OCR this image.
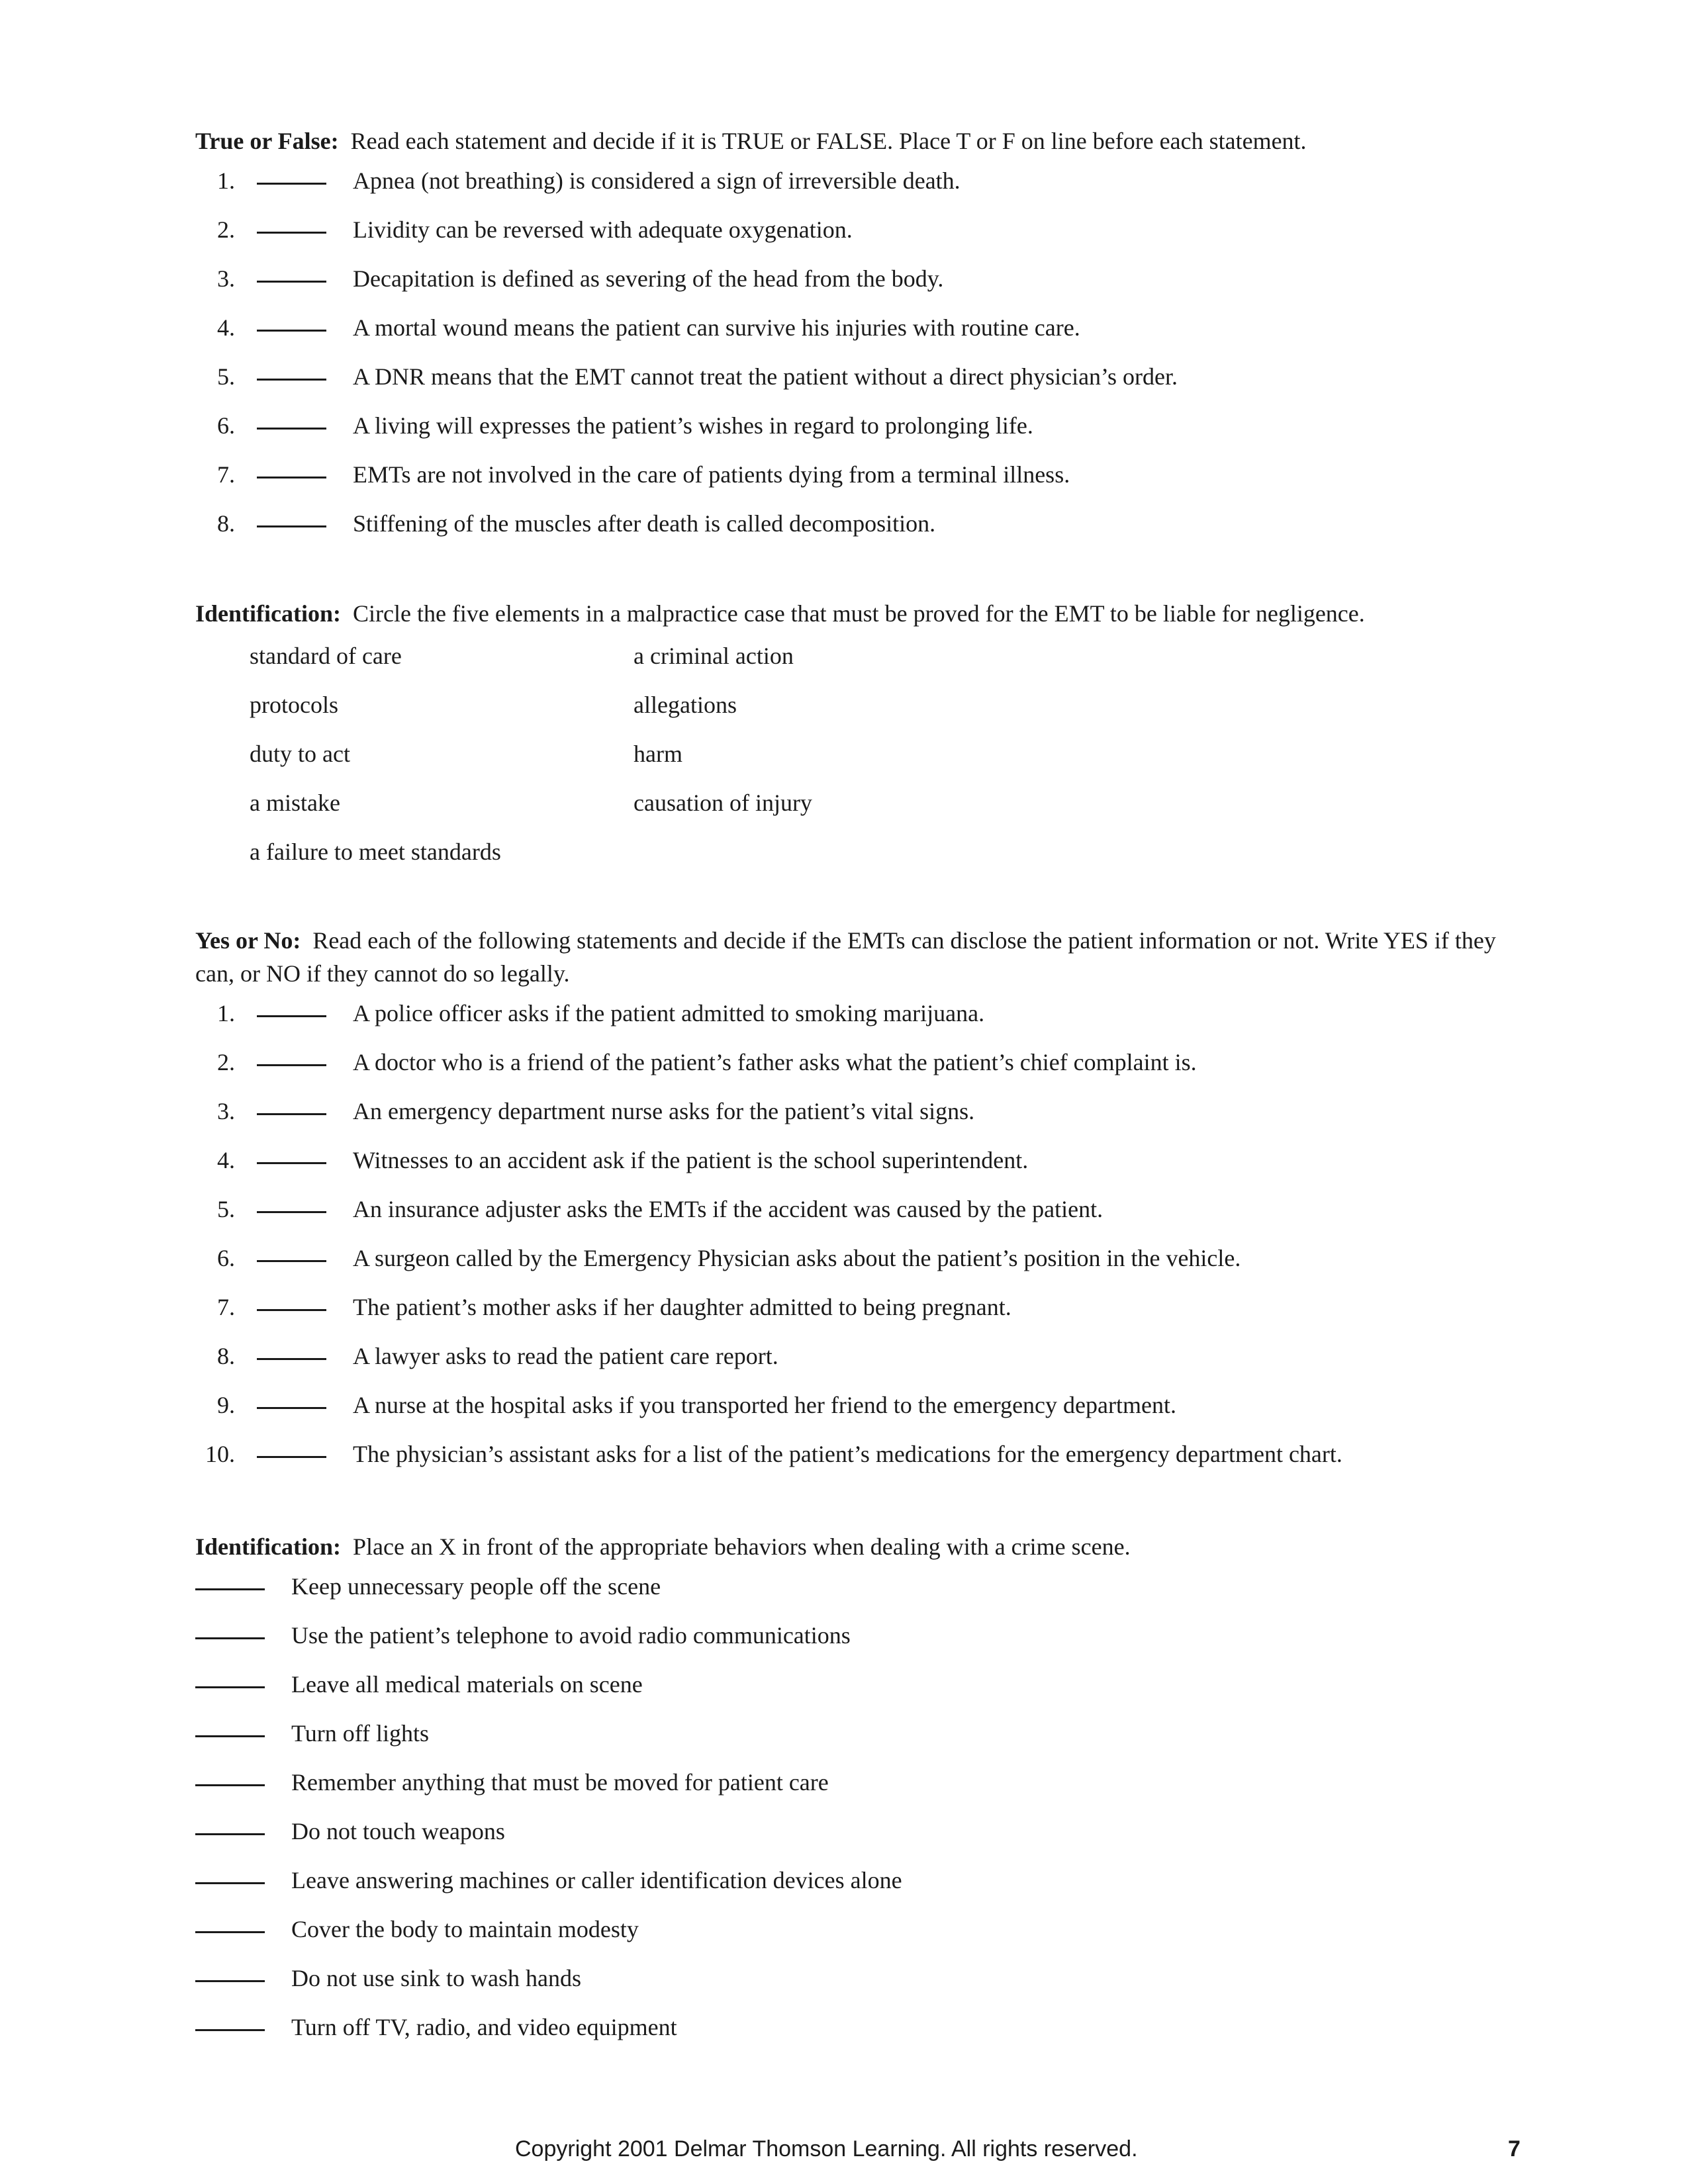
True or False: Read each statement and decide if it is TRUE or FALSE. Place T or F on line before each statement.

1.	Apnea (not breathing) is considered a sign of irreversible death.
2.	Lividity can be reversed with adequate oxygenation.
3.	Decapitation is defined as severing of the head from the body.
4.	A mortal wound means the patient can survive his injuries with routine care.
5.	A DNR means that the EMT cannot treat the patient without a direct physician’s order.
6.	A living will expresses the patient’s wishes in regard to prolonging life.
7.	EMTs are not involved in the care of patients dying from a terminal illness.
8.	Stiffening of the muscles after death is called decomposition.

Identification: Circle the five elements in a malpractice case that must be proved for the EMT to be liable for negligence.

standard of care	a criminal action
protocols	allegations
duty to act	harm
a mistake	causation of injury
a failure to meet standards

Yes or No: Read each of the following statements and decide if the EMTs can disclose the patient information or not. Write YES if they can, or NO if they cannot do so legally.

1.	A police officer asks if the patient admitted to smoking marijuana.
2.	A doctor who is a friend of the patient’s father asks what the patient’s chief complaint is.
3.	An emergency department nurse asks for the patient’s vital signs.
4.	Witnesses to an accident ask if the patient is the school superintendent.
5.	An insurance adjuster asks the EMTs if the accident was caused by the patient.
6.	A surgeon called by the Emergency Physician asks about the patient’s position in the vehicle.
7.	The patient’s mother asks if her daughter admitted to being pregnant.
8.	A lawyer asks to read the patient care report.
9.	A nurse at the hospital asks if you transported her friend to the emergency department.
10.	The physician’s assistant asks for a list of the patient’s medications for the emergency department chart.

Identification: Place an X in front of the appropriate behaviors when dealing with a crime scene.

Keep unnecessary people off the scene
Use the patient’s telephone to avoid radio communications
Leave all medical materials on scene
Turn off lights
Remember anything that must be moved for patient care
Do not touch weapons
Leave answering machines or caller identification devices alone
Cover the body to maintain modesty
Do not use sink to wash hands
Turn off TV, radio, and video equipment
Copyright 2001 Delmar Thomson Learning. All rights reserved.	7
